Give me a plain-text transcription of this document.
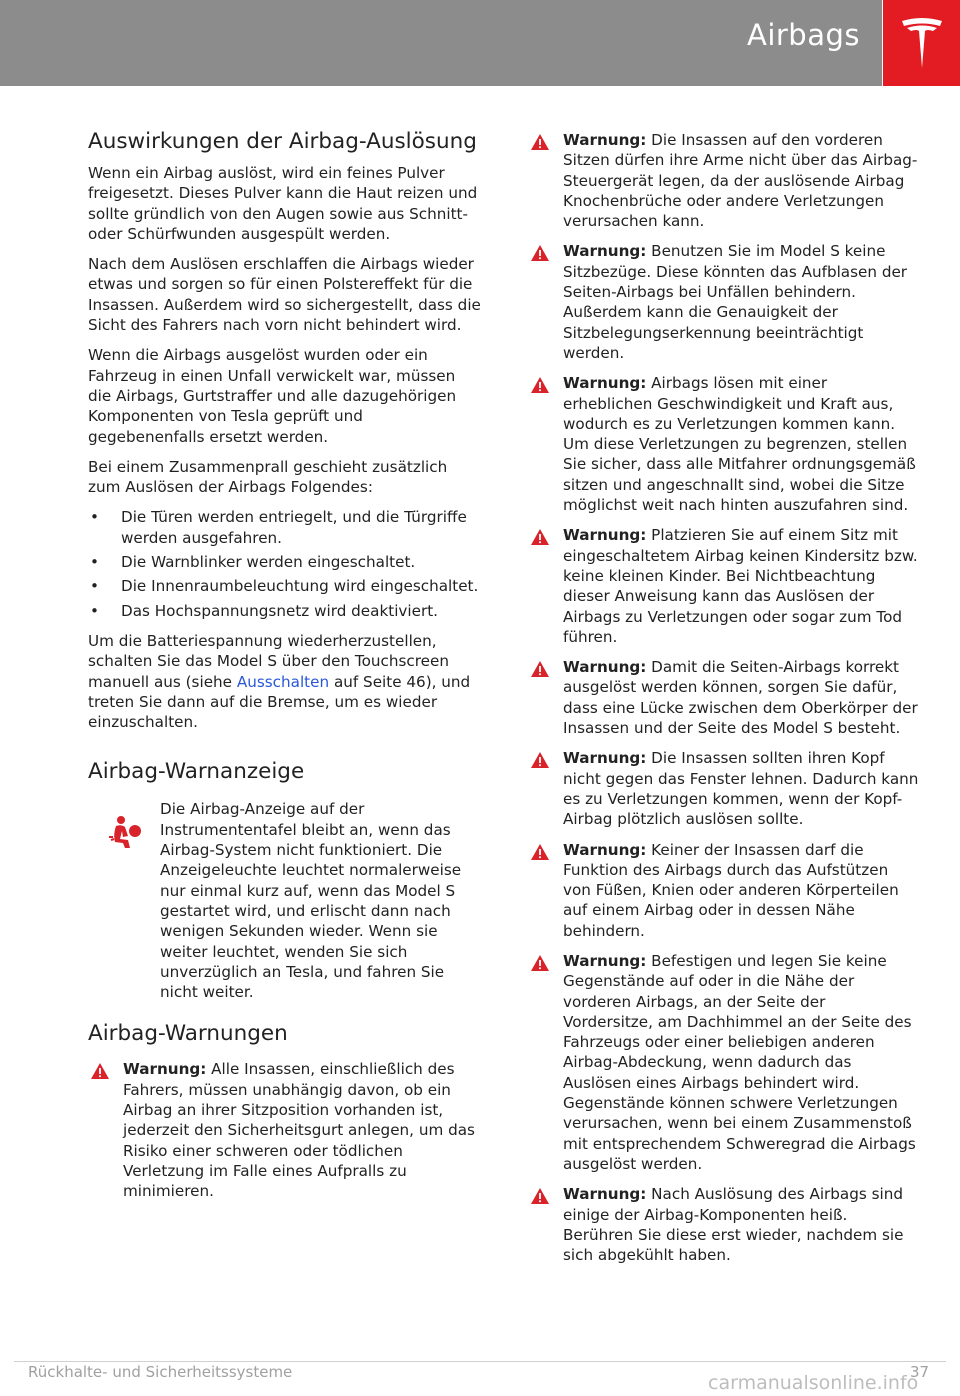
Airbags
Auswirkungen der Airbag-Auslösung

Wenn ein Airbag auslöst, wird ein feines Pulver freigesetzt. Dieses Pulver kann die Haut reizen und sollte gründlich von den Augen sowie aus Schnitt- oder Schürfwunden ausgespült werden.

Nach dem Auslösen erschlaffen die Airbags wieder etwas und sorgen so für einen Polstereffekt für die Insassen. Außerdem wird so sichergestellt, dass die Sicht des Fahrers nach vorn nicht behindert wird.

Wenn die Airbags ausgelöst wurden oder ein Fahrzeug in einen Unfall verwickelt war, müssen die Airbags, Gurtstraffer und alle dazugehörigen Komponenten von Tesla geprüft und gegebenenfalls ersetzt werden.

Bei einem Zusammenprall geschieht zusätzlich zum Auslösen der Airbags Folgendes:

• Die Türen werden entriegelt, und die Türgriffe werden ausgefahren.
• Die Warnblinker werden eingeschaltet.
• Die Innenraumbeleuchtung wird eingeschaltet.
• Das Hochspannungsnetz wird deaktiviert.

Um die Batteriespannung wiederherzustellen, schalten Sie das Model S über den Touchscreen manuell aus (siehe Ausschalten auf Seite 46), und treten Sie dann auf die Bremse, um es wieder einzuschalten.

Airbag-Warnanzeige

Die Airbag-Anzeige auf der Instrumententafel bleibt an, wenn das Airbag-System nicht funktioniert. Die Anzeigeleuchte leuchtet normalerweise nur einmal kurz auf, wenn das Model S gestartet wird, und erlischt dann nach wenigen Sekunden wieder. Wenn sie weiter leuchtet, wenden Sie sich unverzüglich an Tesla, und fahren Sie nicht weiter.

Airbag-Warnungen
Warnung: Alle Insassen, einschließlich des Fahrers, müssen unabhängig davon, ob ein Airbag an ihrer Sitzposition vorhanden ist, jederzeit den Sicherheitsgurt anlegen, um das Risiko einer schweren oder tödlichen Verletzung im Falle eines Aufpralls zu minimieren.
Warnung: Die Insassen auf den vorderen Sitzen dürfen ihre Arme nicht über das Airbag-Steuergerät legen, da der auslösende Airbag Knochenbrüche oder andere Verletzungen verursachen kann.
Warnung: Benutzen Sie im Model S keine Sitzbezüge. Diese könnten das Aufblasen der Seiten-Airbags bei Unfällen behindern. Außerdem kann die Genauigkeit der Sitzbelegungserkennung beeinträchtigt werden.
Warnung: Airbags lösen mit einer erheblichen Geschwindigkeit und Kraft aus, wodurch es zu Verletzungen kommen kann. Um diese Verletzungen zu begrenzen, stellen Sie sicher, dass alle Mitfahrer ordnungsgemäß sitzen und angeschnallt sind, wobei die Sitze möglichst weit nach hinten auszufahren sind.
Warnung: Platzieren Sie auf einem Sitz mit eingeschaltetem Airbag keinen Kindersitz bzw. keine kleinen Kinder. Bei Nichtbeachtung dieser Anweisung kann das Auslösen der Airbags zu Verletzungen oder sogar zum Tod führen.
Warnung: Damit die Seiten-Airbags korrekt ausgelöst werden können, sorgen Sie dafür, dass eine Lücke zwischen dem Oberkörper der Insassen und der Seite des Model S besteht.
Warnung: Die Insassen sollten ihren Kopf nicht gegen das Fenster lehnen. Dadurch kann es zu Verletzungen kommen, wenn der Kopf-Airbag plötzlich auslösen sollte.
Warnung: Keiner der Insassen darf die Funktion des Airbags durch das Aufstützen von Füßen, Knien oder anderen Körperteilen auf einem Airbag oder in dessen Nähe behindern.
Warnung: Befestigen und legen Sie keine Gegenstände auf oder in die Nähe der vorderen Airbags, an der Seite der Vordersitze, am Dachhimmel an der Seite des Fahrzeugs oder einer beliebigen anderen Airbag-Abdeckung, wenn dadurch das Auslösen eines Airbags behindert wird. Gegenstände können schwere Verletzungen verursachen, wenn bei einem Zusammenstoß mit entsprechendem Schweregrad die Airbags ausgelöst werden.
Warnung: Nach Auslösung des Airbags sind einige der Airbag-Komponenten heiß. Berühren Sie diese erst wieder, nachdem sie sich abgekühlt haben.
Rückhalte- und Sicherheitssysteme	37
carmanualsonline.info
